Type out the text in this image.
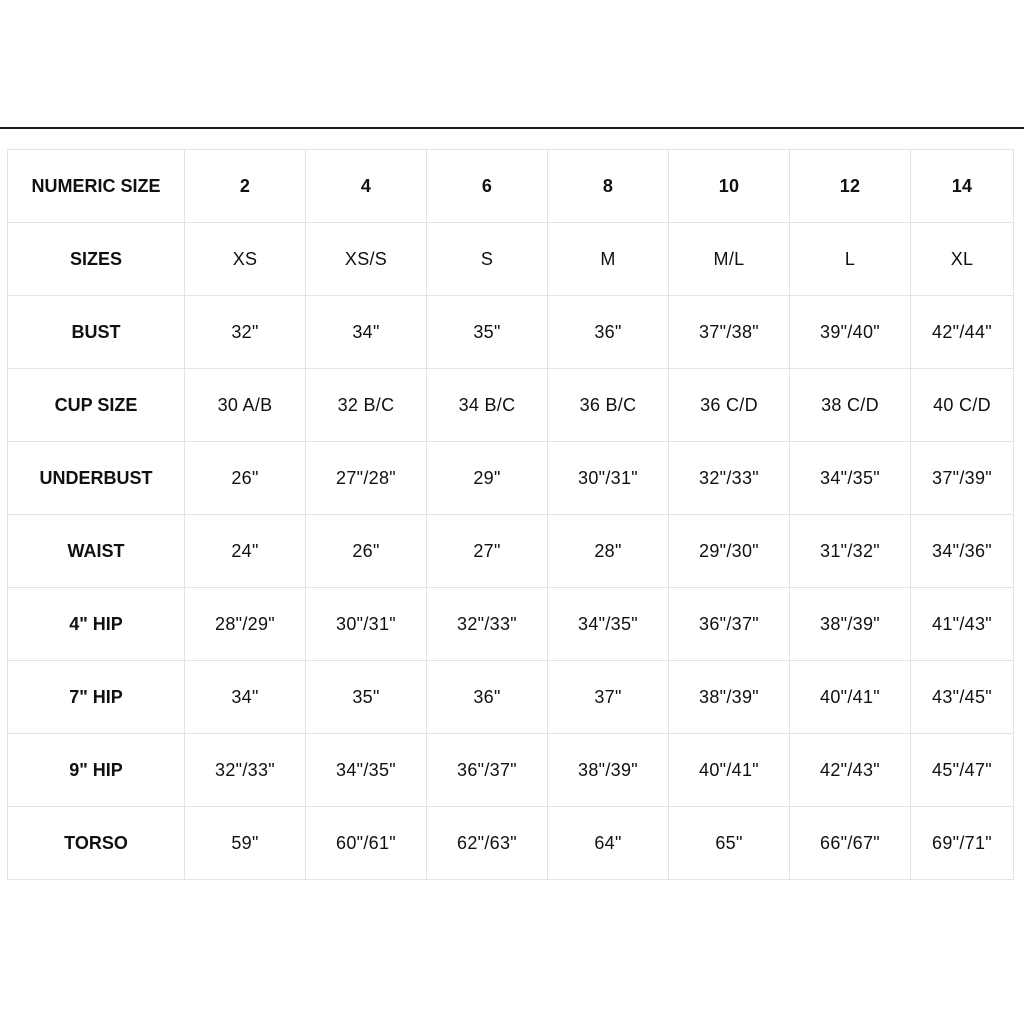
NUMERIC SIZE	2	4	6	8	10	12	14
SIZES	XS	XS/S	S	M	M/L	L	XL
BUST	32"	34"	35"	36"	37"/38"	39"/40"	42"/44"
CUP SIZE	30 A/B	32 B/C	34 B/C	36 B/C	36 C/D	38 C/D	40 C/D
UNDERBUST	26"	27"/28"	29"	30"/31"	32"/33"	34"/35"	37"/39"
WAIST	24"	26"	27"	28"	29"/30"	31"/32"	34"/36"
4" HIP	28"/29"	30"/31"	32"/33"	34"/35"	36"/37"	38"/39"	41"/43"
7" HIP	34"	35"	36"	37"	38"/39"	40"/41"	43"/45"
9" HIP	32"/33"	34"/35"	36"/37"	38"/39"	40"/41"	42"/43"	45"/47"
TORSO	59"	60"/61"	62"/63"	64"	65"	66"/67"	69"/71"
